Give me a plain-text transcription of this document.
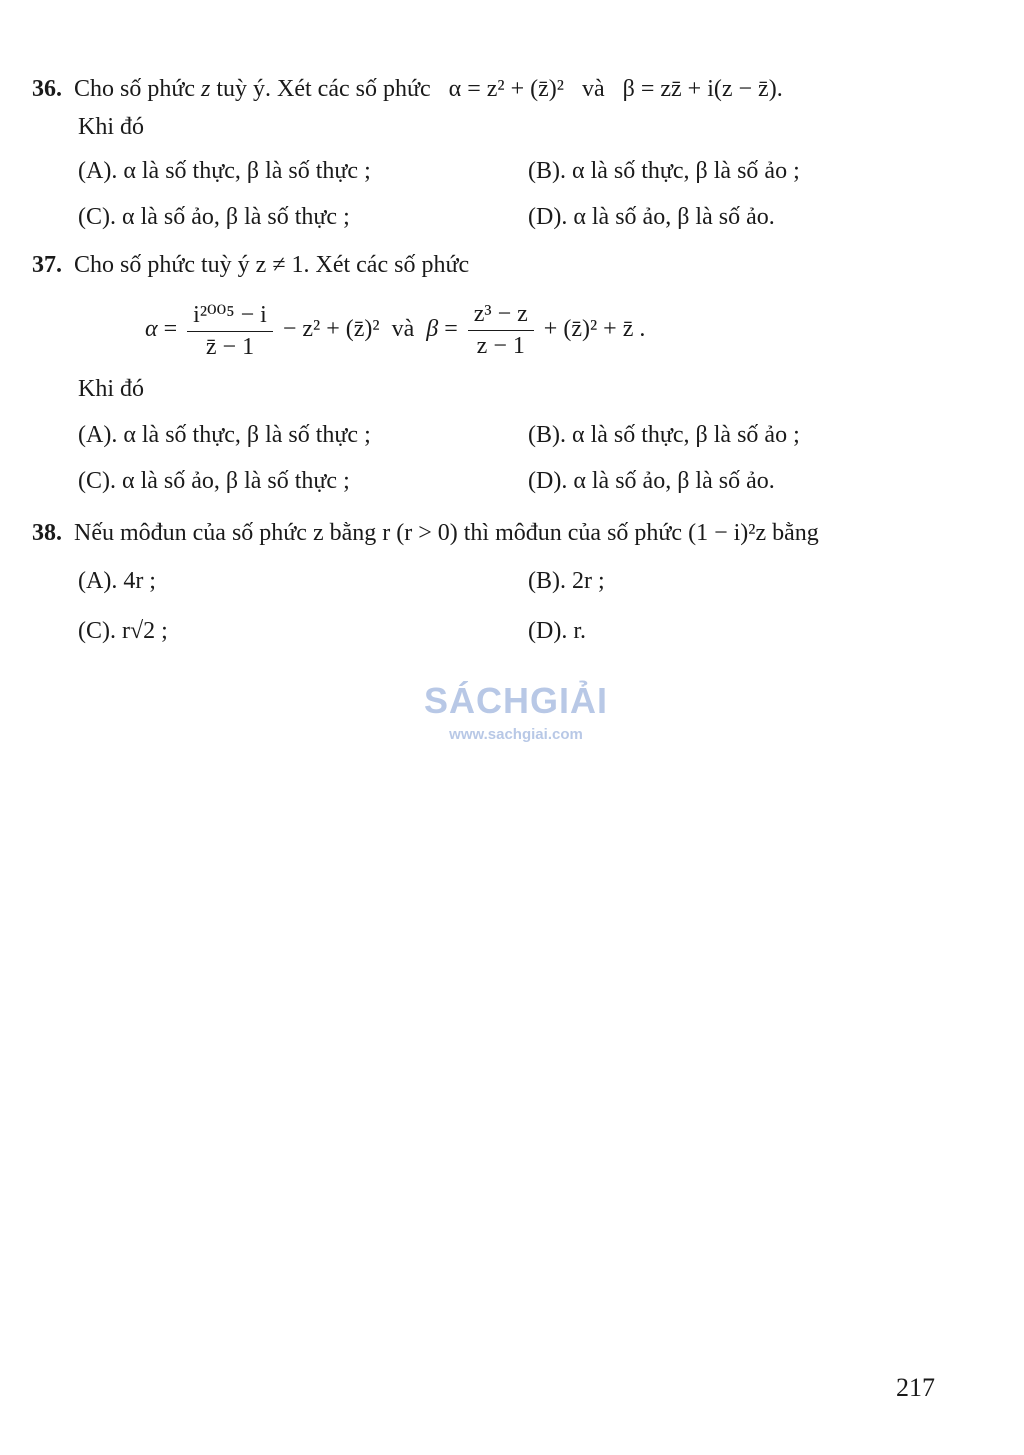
36. Cho số phức z tuỳ ý. Xét các số phức α = z² + (z̄)² và β = zz̄ + i(z − z̄).
Khi đó
(A). α là số thực, β là số thực ;	(B). α là số thực, β là số ảo ;
(C). α là số ảo, β là số thực ;	(D). α là số ảo, β là số ảo.
37. Cho số phức tuỳ ý z ≠ 1. Xét các số phức
$\alpha = \frac{\text{i²⁰⁰⁵ − i}}{z̄ - 1} - z^2$ + (z̄)² và $\beta = \frac{\text{z³ − z}}{z - 1}$ + (z̄)² + z̄ .
Khi đó
(A). α là số thực, β là số thực ;	(B). α là số thực, β là số ảo ;
(C). α là số ảo, β là số thực ;	(D). α là số ảo, β là số ảo.
38. Nếu môđun của số phức z bằng r (r > 0) thì môđun của số phức (1 − i)²z bằng
(A). 4r ;	(B). 2r ;
(C). r√2 ;	(D). r.
SÁCHGIẢI
www.sachgiai.com
217
